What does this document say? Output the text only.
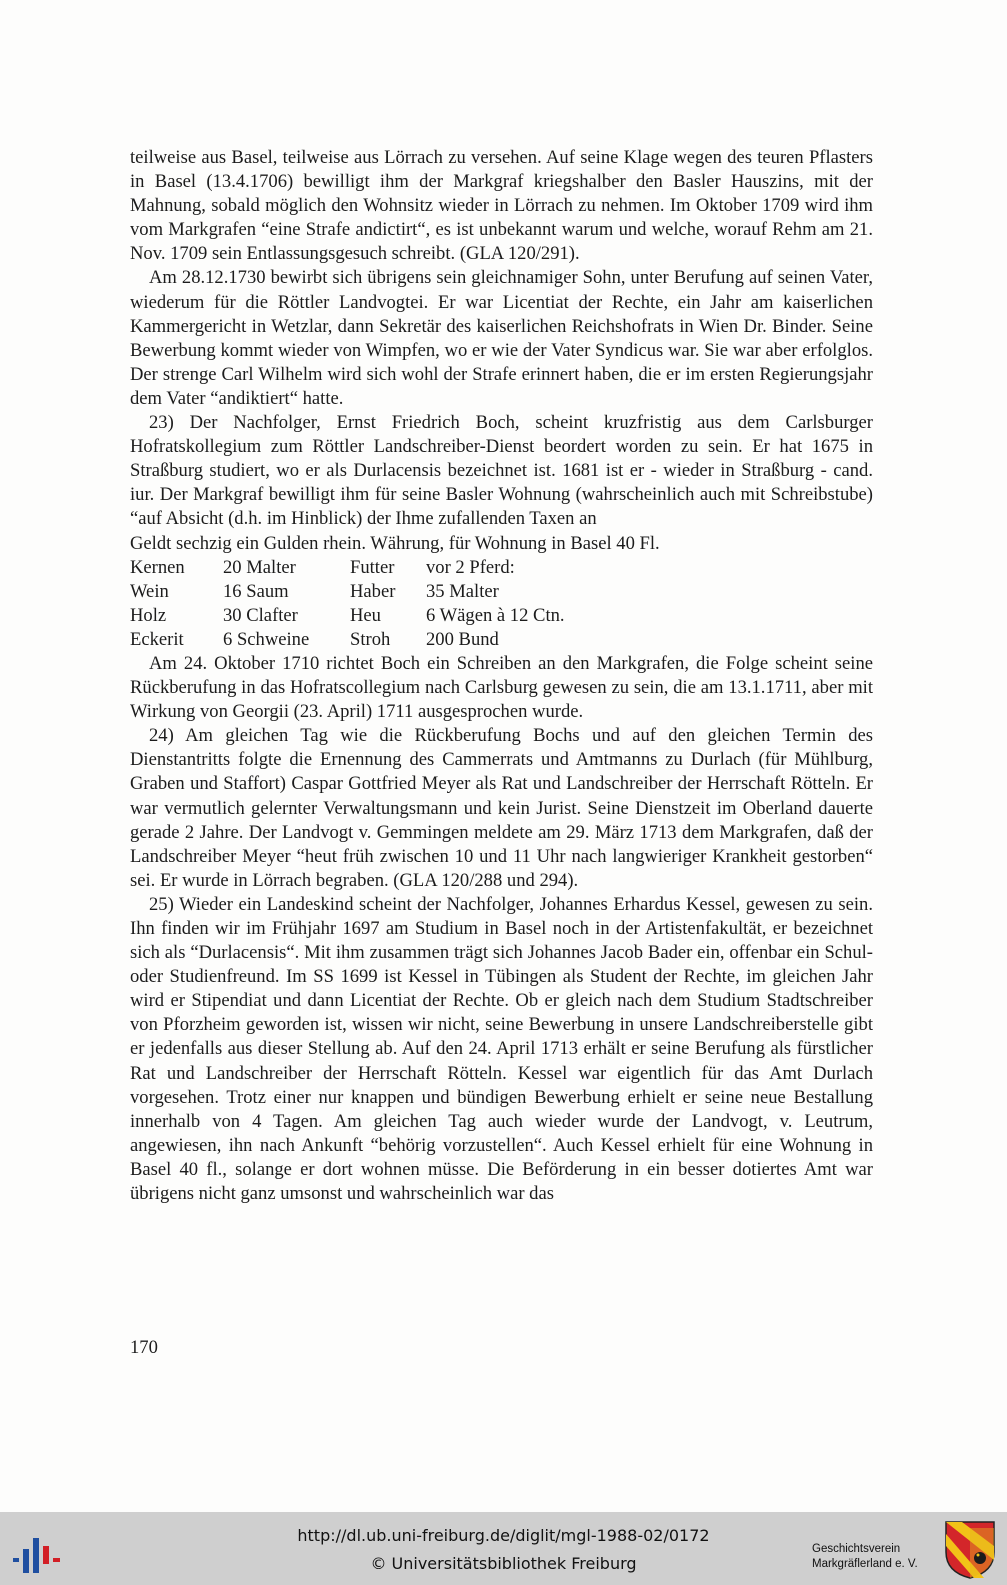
teilweise aus Basel, teilweise aus Lörrach zu versehen. Auf seine Klage wegen des teuren Pflasters in Basel (13.4.1706) bewilligt ihm der Markgraf kriegshalber den Basler Hauszins, mit der Mahnung, sobald möglich den Wohnsitz wieder in Lörrach zu nehmen. Im Oktober 1709 wird ihm vom Markgrafen “eine Strafe andictirt“, es ist unbekannt warum und welche, worauf Rehm am 21. Nov. 1709 sein Entlassungsgesuch schreibt. (GLA 120/291).

Am 28.12.1730 bewirbt sich übrigens sein gleichnamiger Sohn, unter Berufung auf seinen Vater, wiederum für die Röttler Landvogtei. Er war Licentiat der Rechte, ein Jahr am kaiserlichen Kammergericht in Wetzlar, dann Sekretär des kaiserlichen Reichshofrats in Wien Dr. Binder. Seine Bewerbung kommt wieder von Wimpfen, wo er wie der Vater Syndicus war. Sie war aber erfolglos. Der strenge Carl Wilhelm wird sich wohl der Strafe erinnert haben, die er im ersten Regierungsjahr dem Vater “andiktiert“ hatte.

23) Der Nachfolger, Ernst Friedrich Boch, scheint kruzfristig aus dem Carlsburger Hofratskollegium zum Röttler Landschreiber-Dienst beordert worden zu sein. Er hat 1675 in Straßburg studiert, wo er als Durlacensis bezeichnet ist. 1681 ist er - wieder in Straßburg - cand. iur. Der Markgraf bewilligt ihm für seine Basler Wohnung (wahrscheinlich auch mit Schreibstube) “auf Absicht (d.h. im Hinblick) der Ihme zufallenden Taxen an

Geldt sechzig ein Gulden rhein. Währung, für Wohnung in Basel 40 Fl.

Kernen	20 Malter	Futter	vor 2 Pferd:
Wein	16 Saum	Haber	35 Malter
Holz	30 Clafter	Heu	6 Wägen à 12 Ctn.
Eckerit	6 Schweine	Stroh	200 Bund

Am 24. Oktober 1710 richtet Boch ein Schreiben an den Markgrafen, die Folge scheint seine Rückberufung in das Hofratscollegium nach Carlsburg gewesen zu sein, die am 13.1.1711, aber mit Wirkung von Georgii (23. April) 1711 ausgesprochen wurde.

24) Am gleichen Tag wie die Rückberufung Bochs und auf den gleichen Termin des Dienstantritts folgte die Ernennung des Cammerrats und Amtmanns zu Durlach (für Mühlburg, Graben und Staffort) Caspar Gottfried Meyer als Rat und Landschreiber der Herrschaft Rötteln. Er war vermutlich gelernter Verwaltungsmann und kein Jurist. Seine Dienstzeit im Oberland dauerte gerade 2 Jahre. Der Landvogt v. Gemmingen meldete am 29. März 1713 dem Markgrafen, daß der Landschreiber Meyer “heut früh zwischen 10 und 11 Uhr nach langwieriger Krankheit gestorben“ sei. Er wurde in Lörrach begraben. (GLA 120/288 und 294).

25) Wieder ein Landeskind scheint der Nachfolger, Johannes Erhardus Kessel, gewesen zu sein. Ihn finden wir im Frühjahr 1697 am Studium in Basel noch in der Artistenfakultät, er bezeichnet sich als “Durlacensis“. Mit ihm zusammen trägt sich Johannes Jacob Bader ein, offenbar ein Schul- oder Studienfreund. Im SS 1699 ist Kessel in Tübingen als Student der Rechte, im gleichen Jahr wird er Stipendiat und dann Licentiat der Rechte. Ob er gleich nach dem Studium Stadtschreiber von Pforzheim geworden ist, wissen wir nicht, seine Bewerbung in unsere Landschreiberstelle gibt er jedenfalls aus dieser Stellung ab. Auf den 24. April 1713 erhält er seine Berufung als fürstlicher Rat und Landschreiber der Herrschaft Rötteln. Kessel war eigentlich für das Amt Durlach vorgesehen. Trotz einer nur knappen und bündigen Bewerbung erhielt er seine neue Bestallung innerhalb von 4 Tagen. Am gleichen Tag auch wieder wurde der Landvogt, v. Leutrum, angewiesen, ihn nach Ankunft “behörig vorzustellen“. Auch Kessel erhielt für eine Wohnung in Basel 40 fl., solange er dort wohnen müsse. Die Beförderung in ein besser dotiertes Amt war übrigens nicht ganz umsonst und wahrscheinlich war das

170
http://dl.ub.uni-freiburg.de/diglit/mgl-1988-02/0172
© Universitätsbibliothek Freiburg
Geschichtsverein
Markgräflerland e. V.
